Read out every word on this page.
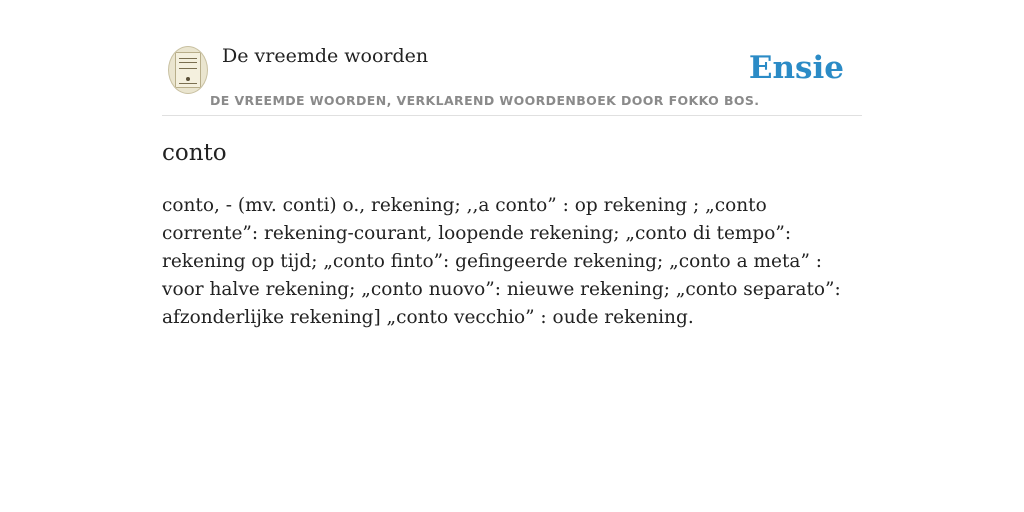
De vreemde woorden
DE VREEMDE WOORDEN, VERKLAREND WOORDENBOEK DOOR FOKKO BOS.
Ensie
conto

conto, - (mv. conti) o., rekening; ,,a conto” : op rekening ; „conto corrente”: rekening-courant, loopende rekening; „conto di tempo”: rekening op tijd; „conto finto”: gefingeerde rekening; „conto a meta” : voor halve rekening; „conto nuovo”: nieuwe rekening; „conto separato”: afzonderlijke rekening] „conto vecchio” : oude rekening.
